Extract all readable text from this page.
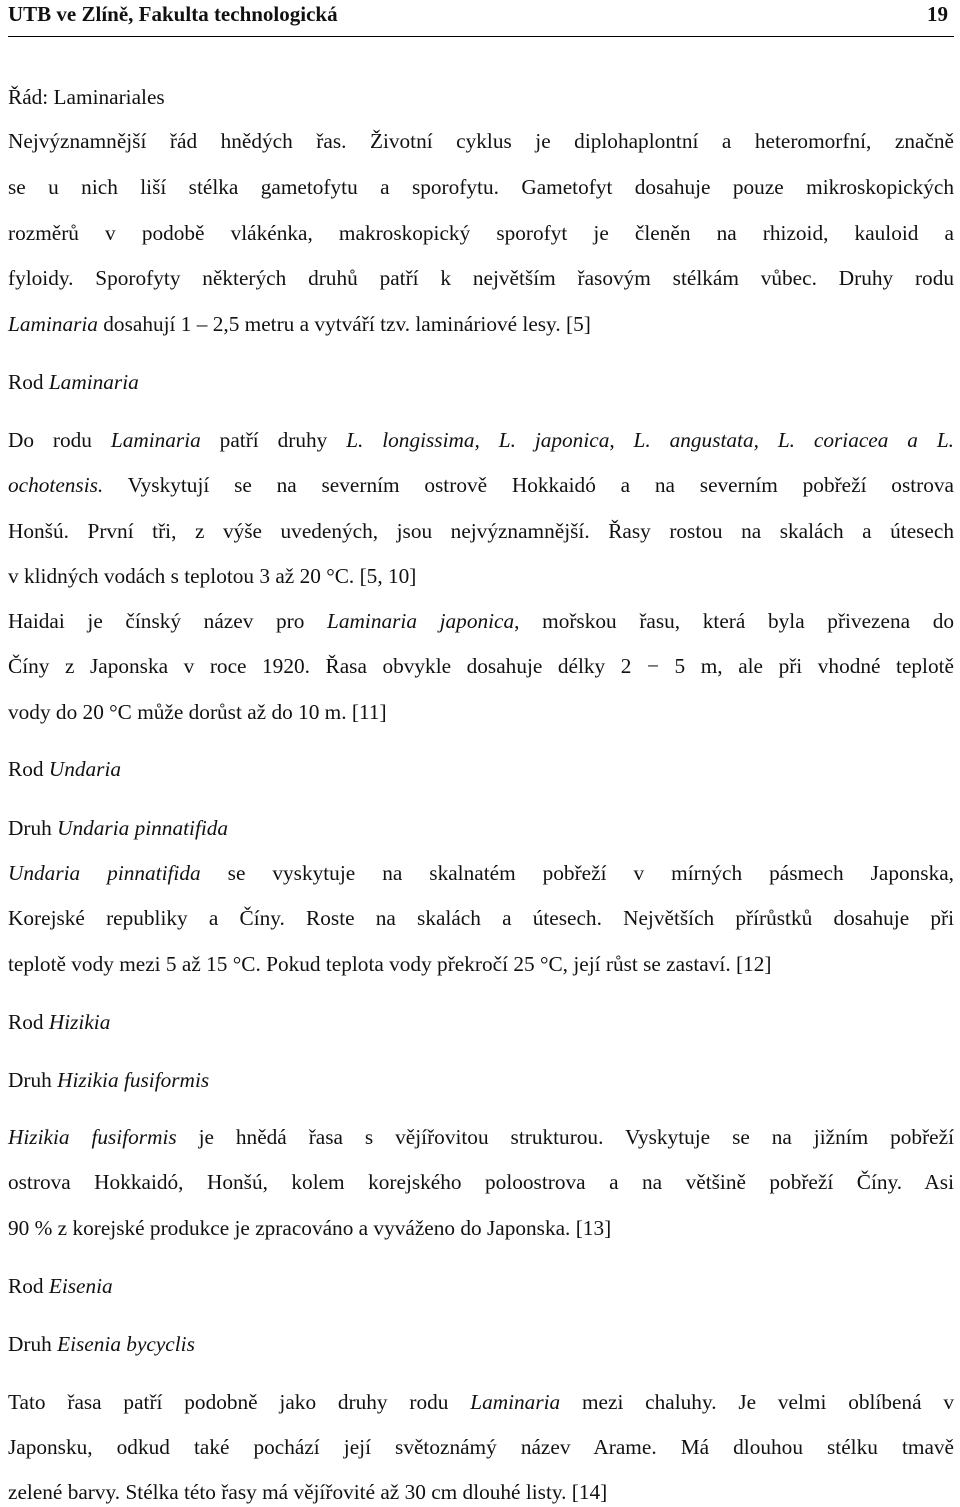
UTB ve Zlíně, Fakulta technologická	19
Řád: Laminariales
Nejvýznamnější řád hnědých řas. Životní cyklus je diplohaplontní a heteromorfní, značně
se u nich liší stélka gametofytu a sporofytu. Gametofyt dosahuje pouze mikroskopických
rozměrů v podobě vlákénka, makroskopický sporofyt je členěn na rhizoid, kauloid a
fyloidy. Sporofyty některých druhů patří k největším řasovým stélkám vůbec. Druhy rodu
Laminaria dosahují 1 – 2,5 metru a vytváří tzv. lamináriové lesy. [5]
Rod Laminaria
Do rodu Laminaria patří druhy L. longissima, L. japonica, L. angustata, L. coriacea a L.
ochotensis. Vyskytují se na severním ostrově Hokkaidó a na severním pobřeží ostrova
Honšú. První tři, z výše uvedených, jsou nejvýznamnější. Řasy rostou na skalách a útesech
v klidných vodách s teplotou 3 až 20 °C. [5, 10]
Haidai je čínský název pro Laminaria japonica, mořskou řasu, která byla přivezena do
Číny z Japonska v roce 1920. Řasa obvykle dosahuje délky 2 − 5 m, ale při vhodné teplotě
vody do 20 °C může dorůst až do 10 m. [11]
Rod Undaria
Druh Undaria pinnatifida
Undaria pinnatifida se vyskytuje na skalnatém pobřeží v mírných pásmech Japonska,
Korejské republiky a Číny. Roste na skalách a útesech. Největších přírůstků dosahuje při
teplotě vody mezi 5 až 15 °C. Pokud teplota vody překročí 25 °C, její růst se zastaví. [12]
Rod Hizikia
Druh Hizikia fusiformis
Hizikia fusiformis je hnědá řasa s vějířovitou strukturou. Vyskytuje se na jižním pobřeží
ostrova Hokkaidó, Honšú, kolem korejského poloostrova a na většině pobřeží Číny. Asi
90 % z korejské produkce je zpracováno a vyváženo do Japonska. [13]
Rod Eisenia
Druh Eisenia bycyclis
Tato řasa patří podobně jako druhy rodu Laminaria mezi chaluhy. Je velmi oblíbená v
Japonsku, odkud také pochází její světoznámý název Arame. Má dlouhou stélku tmavě
zelené barvy. Stélka této řasy má vějířovité až 30 cm dlouhé listy. [14]
